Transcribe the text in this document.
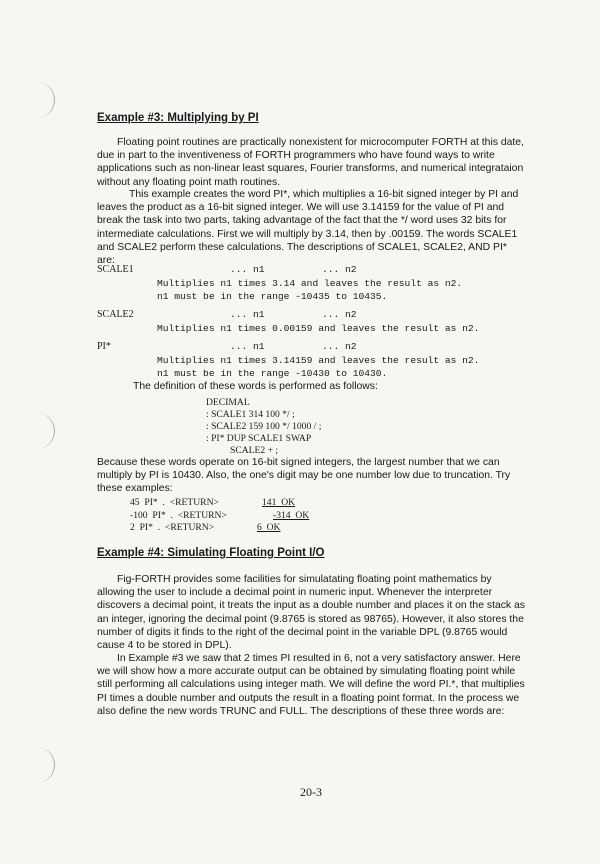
Example #3: Multiplying by PI
Floating point routines are practically nonexistent for microcomputer FORTH at this date, due in part to the inventiveness of FORTH programmers who have found ways to write applications such as non-linear least squares, Fourier transforms, and numerical integrataion without any floating point math routines.
This example creates the word PI*, which multiplies a 16-bit signed integer by PI and leaves the product as a 16-bit signed integer. We will use 3.14159 for the value of PI and break the task into two parts, taking advantage of the fact that the */ word uses 32 bits for intermediate calculations. First we will multiply by 3.14, then by .00159. The words SCALE1 and SCALE2 perform these calculations. The descriptions of SCALE1, SCALE2, AND PI* are:
SCALE1	... n1	... n2
Multiplies n1 times 3.14 and leaves the result as n2.
n1 must be in the range -10435 to 10435.
SCALE2	... n1	... n2
Multiplies n1 times 0.00159 and leaves the result as n2.
PI*	... n1	... n2
Multiplies n1 times 3.14159 and leaves the result as n2.
n1 must be in the range -10430 to 10430.
The definition of these words is performed as follows:
DECIMAL
: SCALE1 314 100 */ ;
: SCALE2 159 100 */ 1000 / ;
: PI* DUP SCALE1 SWAP
SCALE2 + ;
Because these words operate on 16-bit signed integers, the largest number that we can multiply by PI is 10430. Also, the one's digit may be one number low due to truncation. Try these examples:
45  PI*  .  <RETURN>	141  OK
-100  PI*  .  <RETURN>	-314  OK
2  PI*  .  <RETURN>	6  OK
Example #4: Simulating Floating Point I/O
Fig-FORTH provides some facilities for simulatating floating point mathematics by allowing the user to include a decimal point in numeric input. Whenever the interpreter discovers a decimal point, it treats the input as a double number and places it on the stack as an integer, ignoring the decimal point (9.8765 is stored as 98765). However, it also stores the number of digits it finds to the right of the decimal point in the variable DPL (9.8765 would cause 4 to be stored in DPL).
In Example #3 we saw that 2 times PI resulted in 6, not a very satisfactory answer. Here we will show how a more accurate output can be obtained by simulating floating point while still performing all calculations using integer math. We will define the word PI.*, that multiplies PI times a double number and outputs the result in a floating point format. In the process we also define the new words TRUNC and FULL. The descriptions of these three words are:
20-3
